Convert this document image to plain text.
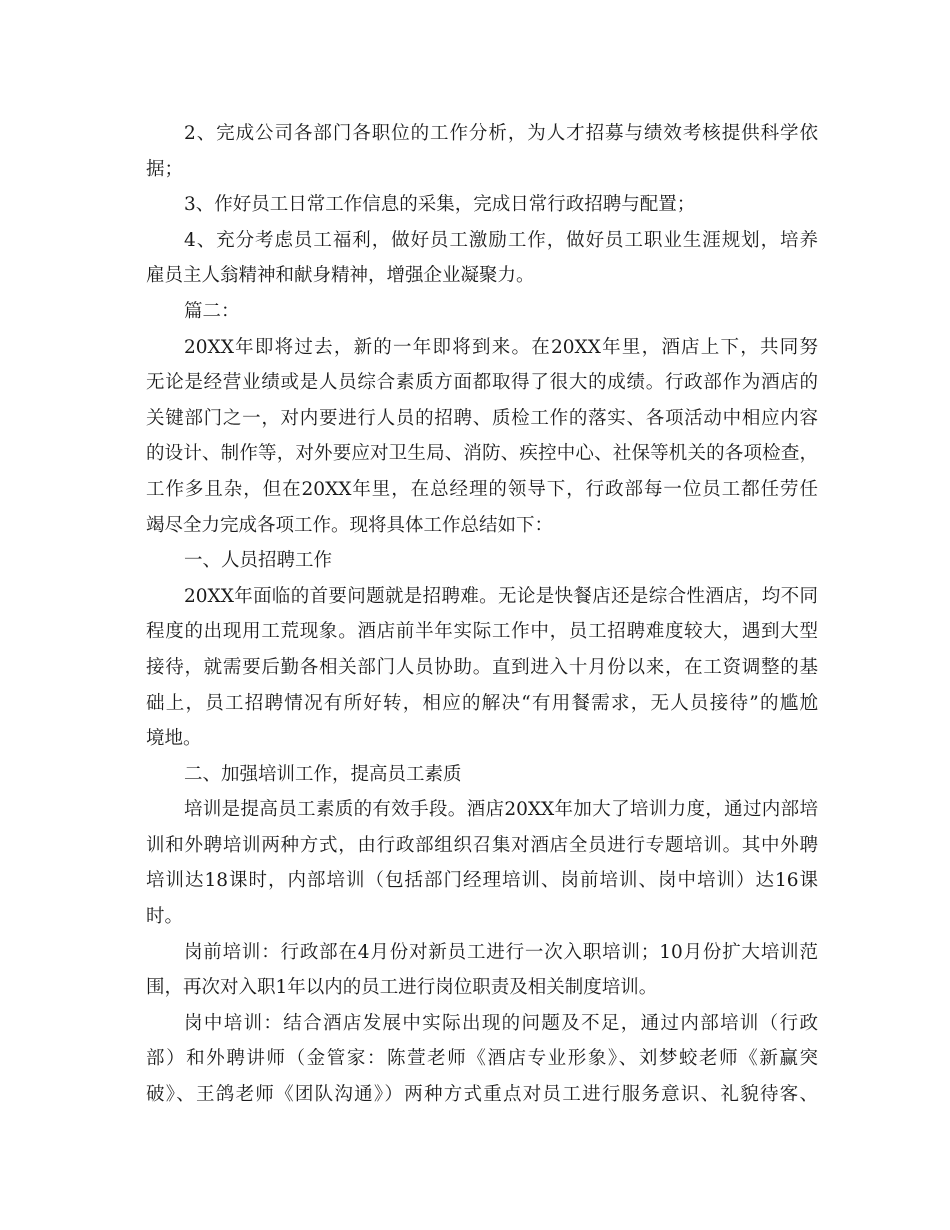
2、完成公司各部门各职位的工作分析，为人才招募与绩效考核提供科学依
据；
3、作好员工日常工作信息的采集，完成日常行政招聘与配置；
4、充分考虑员工福利，做好员工激励工作，做好员工职业生涯规划，培养
雇员主人翁精神和献身精神，增强企业凝聚力。
篇二：
20XX年即将过去，新的一年即将到来。在20XX年里，酒店上下，共同努
无论是经营业绩或是人员综合素质方面都取得了很大的成绩。行政部作为酒店的
关键部门之一，对内要进行人员的招聘、质检工作的落实、各项活动中相应内容
的设计、制作等，对外要应对卫生局、消防、疾控中心、社保等机关的各项检查，
工作多且杂，但在20XX年里，在总经理的领导下，行政部每一位员工都任劳任
竭尽全力完成各项工作。现将具体工作总结如下：
一、人员招聘工作
20XX年面临的首要问题就是招聘难。无论是快餐店还是综合性酒店，均不同
程度的出现用工荒现象。酒店前半年实际工作中，员工招聘难度较大，遇到大型
接待，就需要后勤各相关部门人员协助。直到进入十月份以来，在工资调整的基
础上，员工招聘情况有所好转，相应的解决“有用餐需求，无人员接待”的尴尬
境地。
二、加强培训工作，提高员工素质
培训是提高员工素质的有效手段。酒店20XX年加大了培训力度，通过内部培
训和外聘培训两种方式，由行政部组织召集对酒店全员进行专题培训。其中外聘
培训达18课时，内部培训（包括部门经理培训、岗前培训、岗中培训）达16课
时。
岗前培训：行政部在4月份对新员工进行一次入职培训；10月份扩大培训范
围，再次对入职1年以内的员工进行岗位职责及相关制度培训。
岗中培训：结合酒店发展中实际出现的问题及不足，通过内部培训（行政
部）和外聘讲师（金管家：陈萱老师《酒店专业形象》、刘梦蛟老师《新赢突
破》、王鸽老师《团队沟通》）两种方式重点对员工进行服务意识、礼貌待客、
